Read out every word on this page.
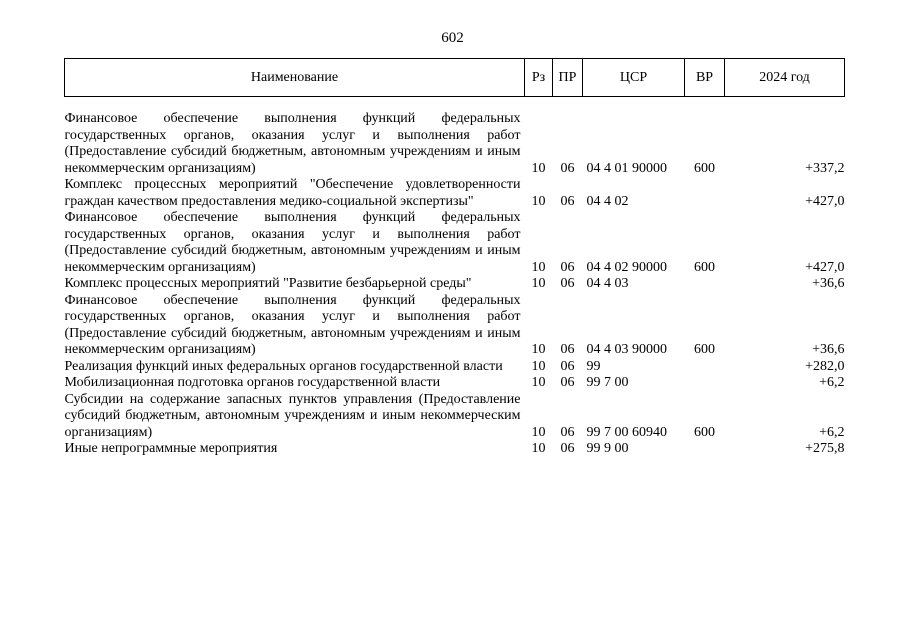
602
Наименование	Рз	ПР	ЦСР	ВР	2024 год

Финансовое обеспечение выполнения функций федеральных государственных органов, оказания услуг и выполнения работ (Предоставление субсидий бюджетным, автономным учреждениям и иным некоммерческим организациям)	10	06	04 4 01 90000	600	+337,2
Комплекс процессных мероприятий "Обеспечение удовлетворенности граждан качеством предоставления медико-социальной экспертизы"	10	06	04 4 02		+427,0
Финансовое обеспечение выполнения функций федеральных государственных органов, оказания услуг и выполнения работ (Предоставление субсидий бюджетным, автономным учреждениям и иным некоммерческим организациям)	10	06	04 4 02 90000	600	+427,0
Комплекс процессных мероприятий "Развитие безбарьерной среды"	10	06	04 4 03		+36,6
Финансовое обеспечение выполнения функций федеральных государственных органов, оказания услуг и выполнения работ (Предоставление субсидий бюджетным, автономным учреждениям и иным некоммерческим организациям)	10	06	04 4 03 90000	600	+36,6
Реализация функций иных федеральных органов государственной власти	10	06	99		+282,0
Мобилизационная подготовка органов государственной власти	10	06	99 7 00		+6,2
Субсидии на содержание запасных пунктов управления (Предоставление субсидий бюджетным, автономным учреждениям и иным некоммерческим организациям)	10	06	99 7 00 60940	600	+6,2
Иные непрограммные мероприятия	10	06	99 9 00		+275,8
